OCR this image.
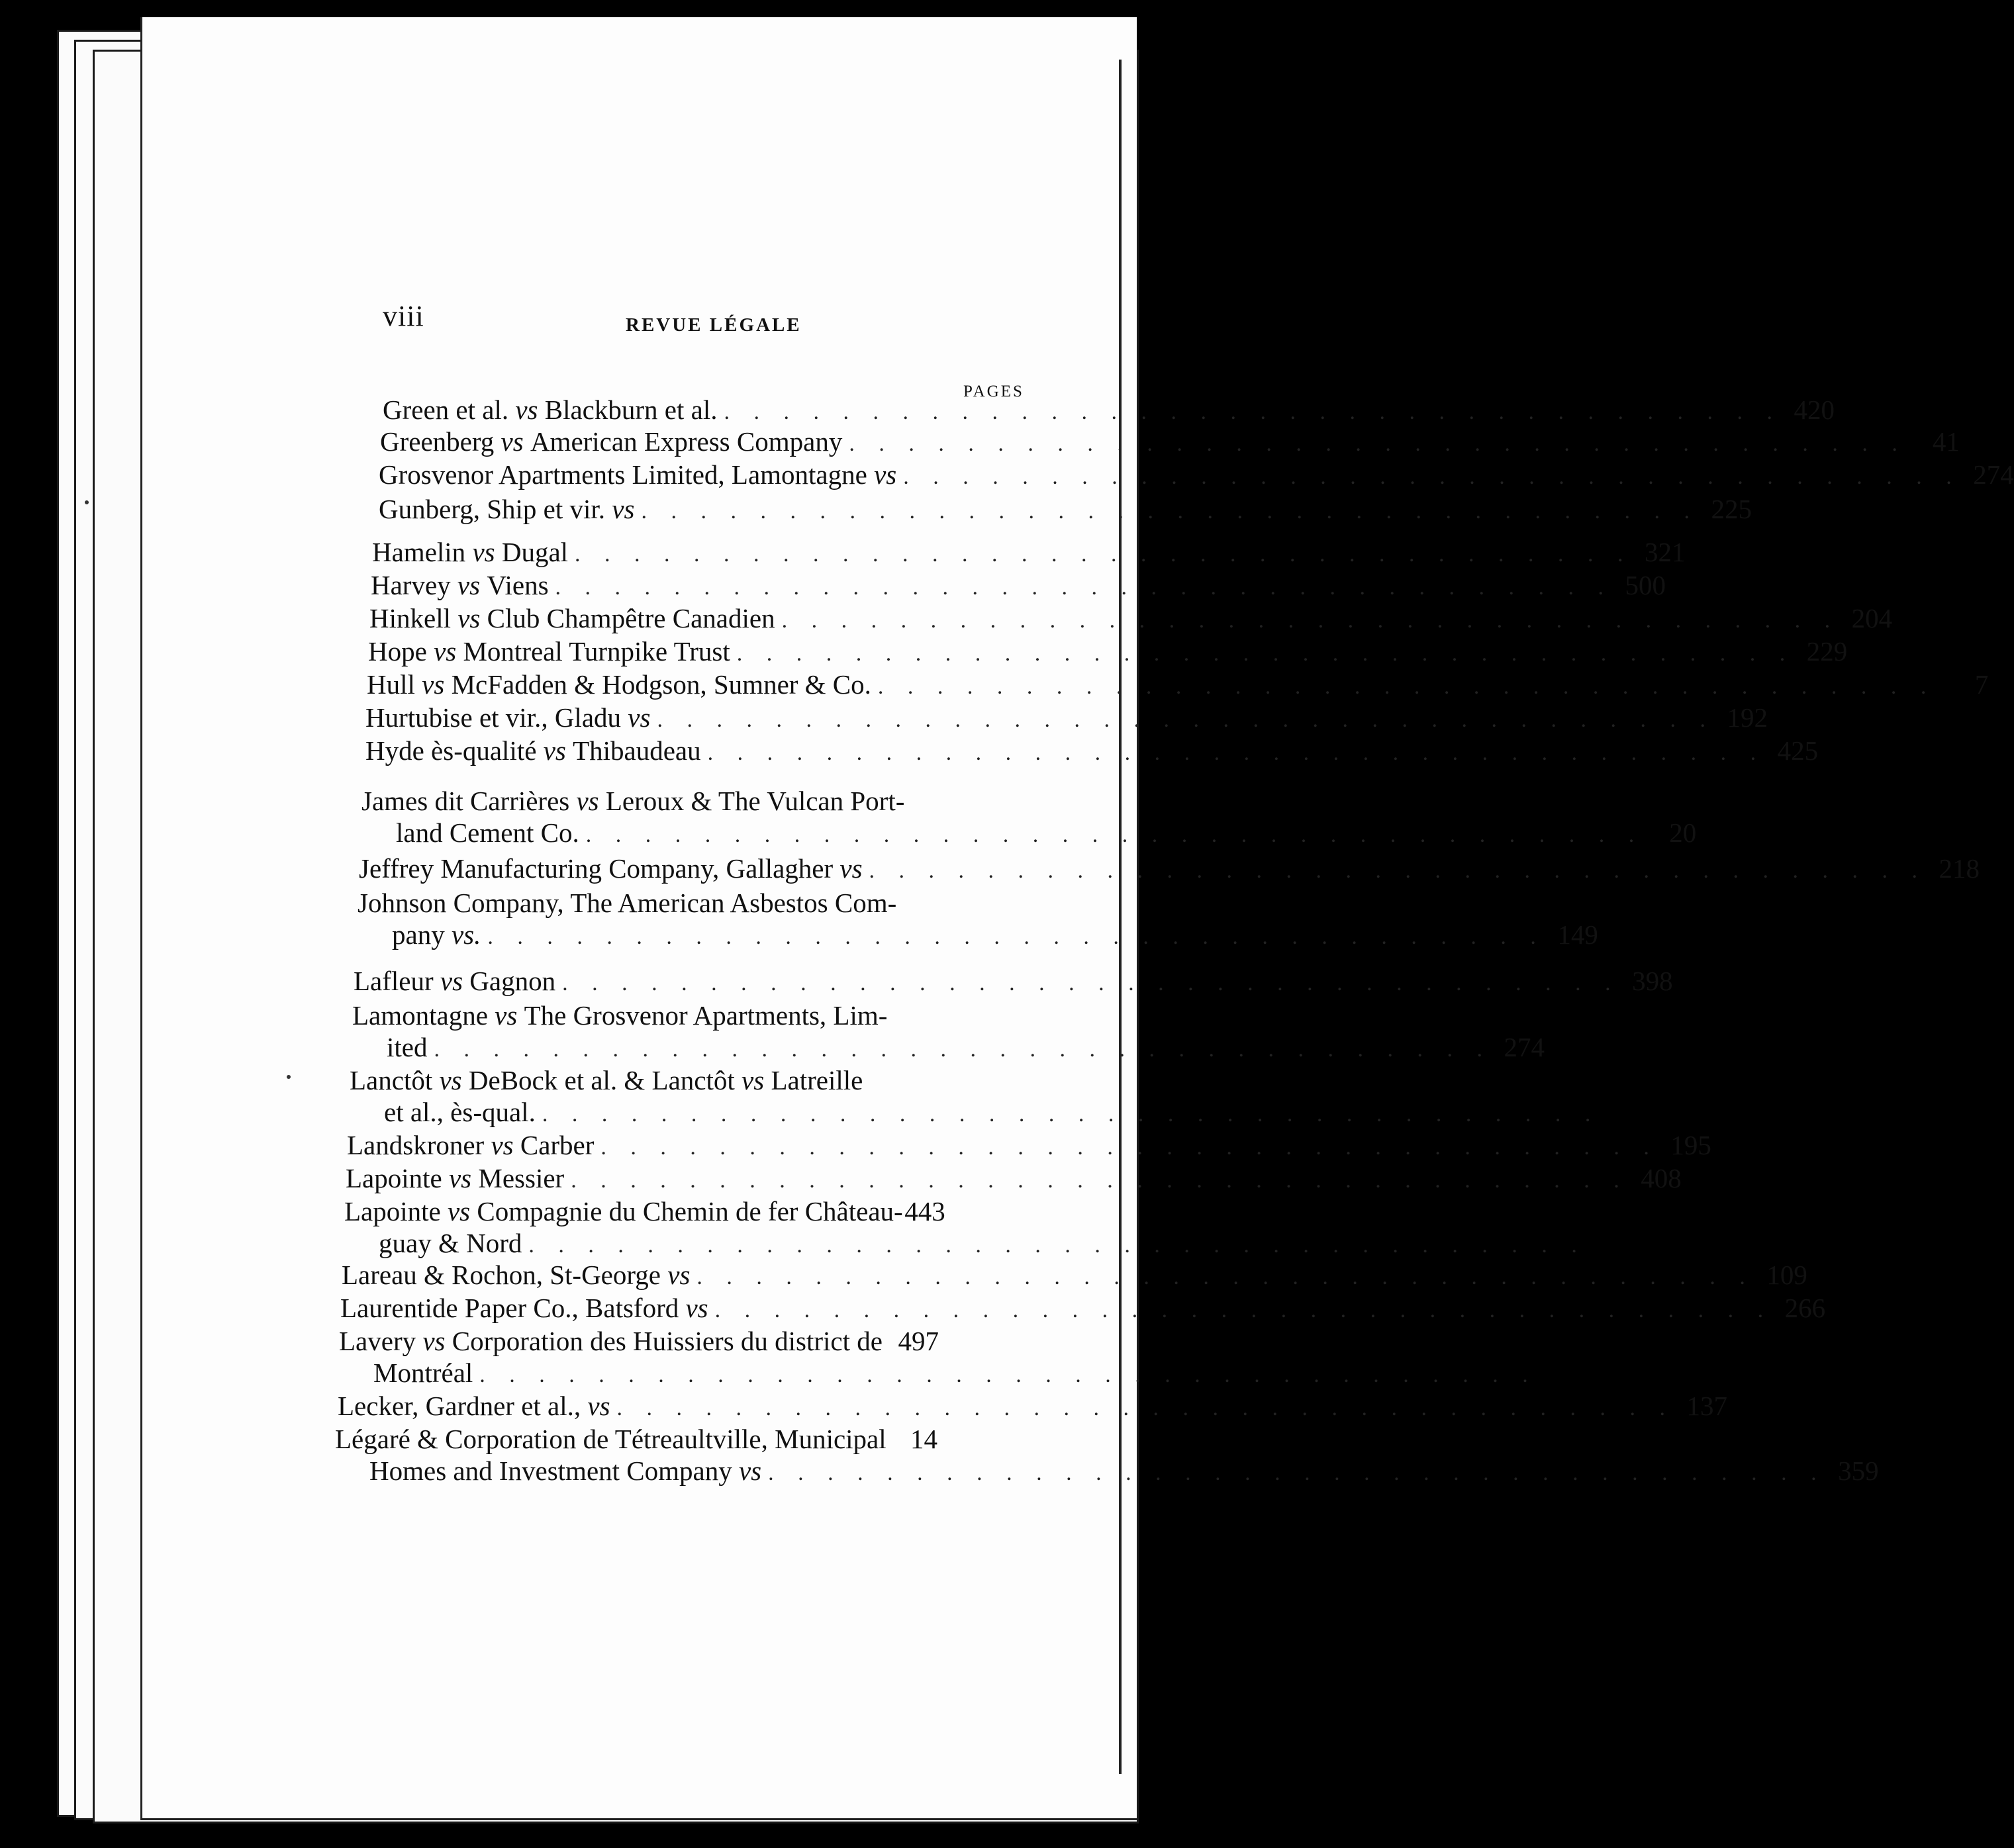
viii	REVUE LÉGALE
PAGES
Green et al.
vs
Blackburn et al. . . . . . . . . . . . . . . . . . . . . . . . . . . . . . . . . . . . . 420
Greenberg
vs
American Express Company . . . . . . . . . . . . . . . . . . . . . . . . . . . . . . . . . . . . 41
Grosvenor Apartments Limited, Lamontagne
vs . . . . . . . . . . . . . . . . . . . . . . . . . . . . . . . . . . . . 274
Gunberg, Ship et vir.
vs . . . . . . . . . . . . . . . . . . . . . . . . . . . . . . . . . . . . 225
Hamelin
vs
Dugal . . . . . . . . . . . . . . . . . . . . . . . . . . . . . . . . . . . . 321
Harvey
vs
Viens . . . . . . . . . . . . . . . . . . . . . . . . . . . . . . . . . . . . 500
Hinkell
vs
Club Champêtre Canadien . . . . . . . . . . . . . . . . . . . . . . . . . . . . . . . . . . . . 204
Hope
vs
Montreal Turnpike Trust . . . . . . . . . . . . . . . . . . . . . . . . . . . . . . . . . . . . 229
Hull
vs
McFadden & Hodgson, Sumner & Co. . . . . . . . . . . . . . . . . . . . . . . . . . . . . . . . . . . . .	7
Hurtubise et vir., Gladu
vs . . . . . . . . . . . . . . . . . . . . . . . . . . . . . . . . . . . . 192
Hyde ès-qualité
vs
Thibaudeau . . . . . . . . . . . . . . . . . . . . . . . . . . . . . . . . . . . . 425
James dit Carrières
vs
Leroux & The Vulcan Port-
land Cement Co. . . . . . . . . . . . . . . . . . . . . . . . . . . . . . . . . . . . . 20
Jeffrey Manufacturing Company, Gallagher
vs . . . . . . . . . . . . . . . . . . . . . . . . . . . . . . . . . . . . 218
Johnson Company, The American Asbestos Com-
pany
vs. . . . . . . . . . . . . . . . . . . . . . . . . . . . . . . . . . . . . 149
Lafleur
vs
Gagnon . . . . . . . . . . . . . . . . . . . . . . . . . . . . . . . . . . . . 398
Lamontagne
vs
The Grosvenor Apartments, Lim-
ited . . . . . . . . . . . . . . . . . . . . . . . . . . . . . . . . . . . . 274
Lanctôt
vs
DeBock et al. & Lanctôt
vs
Latreille
et al., ès-qual. . . . . . . . . . . . . . . . . . . . . . . . . . . . . . . . . . . . .
Landskroner
vs
Carber . . . . . . . . . . . . . . . . . . . . . . . . . . . . . . . . . . . . 195
Lapointe
vs
Messier . . . . . . . . . . . . . . . . . . . . . . . . . . . . . . . . . . . . 408
Lapointe
vs
Compagnie du Chemin de fer Château- 443
guay & Nord . . . . . . . . . . . . . . . . . . . . . . . . . . . . . . . . . . . .
Lareau & Rochon, St-George
vs . . . . . . . . . . . . . . . . . . . . . . . . . . . . . . . . . . . . 109
Laurentide Paper Co., Batsford
vs . . . . . . . . . . . . . . . . . . . . . . . . . . . . . . . . . . . . 266
Lavery
vs
Corporation des Huissiers du district de 497
Montréal . . . . . . . . . . . . . . . . . . . . . . . . . . . . . . . . . . . .
Lecker, Gardner et al.,
vs . . . . . . . . . . . . . . . . . . . . . . . . . . . . . . . . . . . . 137
Légaré & Corporation de Tétreaultville, Municipal 14
Homes and Investment Company
vs . . . . . . . . . . . . . . . . . . . . . . . . . . . . . . . . . . . . 359
